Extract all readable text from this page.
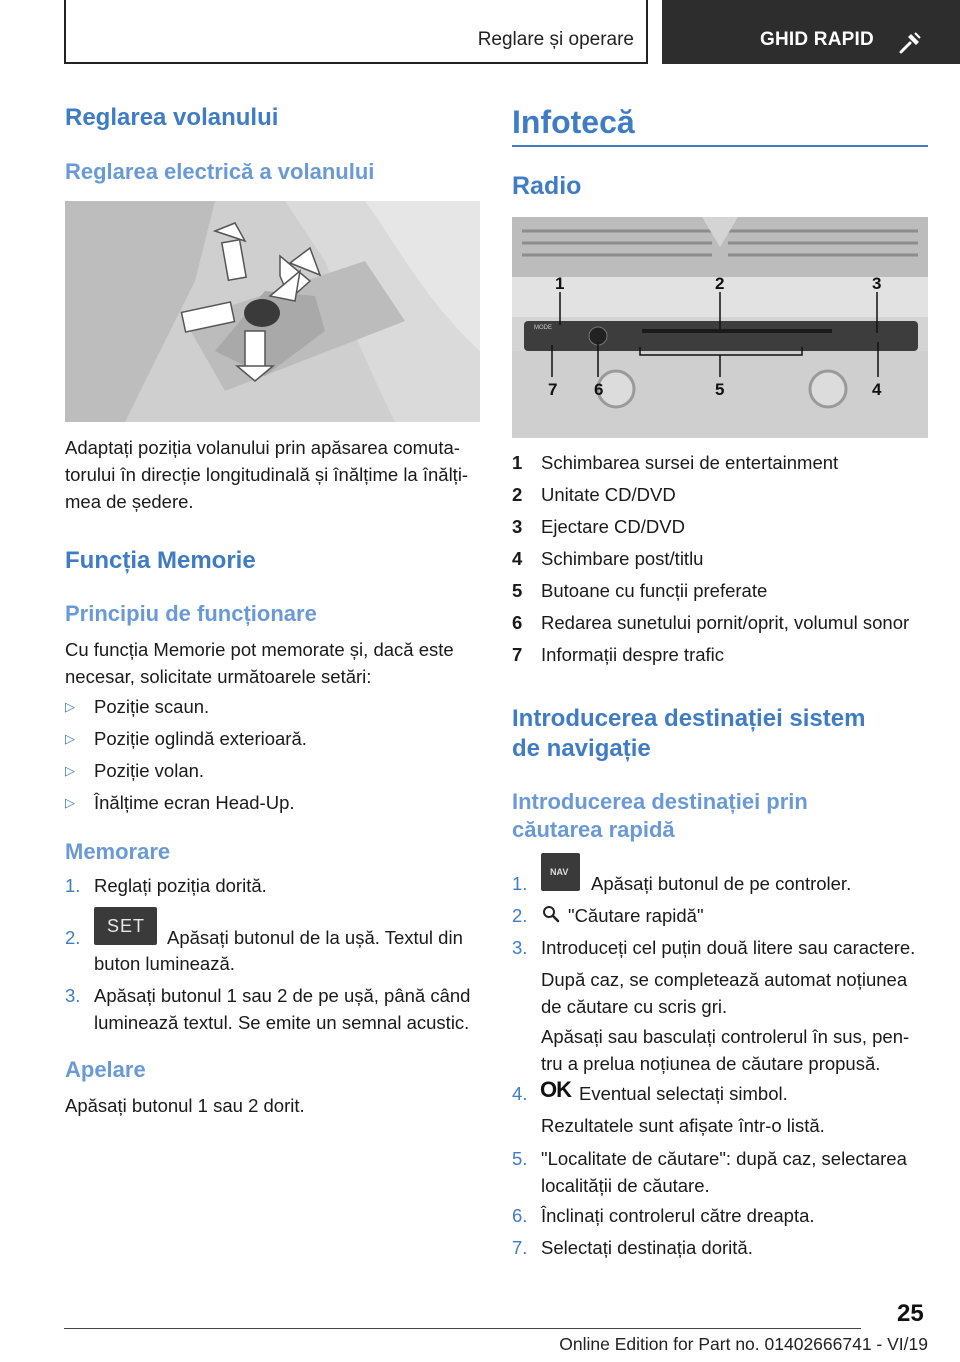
Reglare și operare	GHID RAPID
Reglarea volanului
Reglarea electrică a volanului
Adaptați poziția volanului prin apăsarea comuta-
torului în direcție longitudinală și înălțime la înălți-
mea de ședere.
Funcția Memorie
Principiu de funcționare
Cu funcția Memorie pot memorate și, dacă este
necesar, solicitate următoarele setări:
▷ Poziție scaun.
▷ Poziție oglindă exterioară.
▷ Poziție volan.
▷ Înălțime ecran Head-Up.
Memorare
1. Reglați poziția dorită.
2.
SET
Apăsați butonul de la ușă. Textul din
buton luminează.
3. Apăsați butonul 1 sau 2 de pe ușă, până când
luminează textul. Se emite un semnal acustic.
Apelare
Apăsați butonul 1 sau 2 dorit.
Infotecă
Radio
MODE
1	2	3
7 6	5	4
1 Schimbarea sursei de entertainment
2 Unitate CD/DVD
3 Ejectare CD/DVD
4 Schimbare post/titlu
5 Butoane cu funcții preferate
6 Redarea sunetului pornit/oprit, volumul sonor
7 Informații despre trafic
Introducerea destinației sistem
de navigație
Introducerea destinației prin
căutarea rapidă
1.
NAV
Apăsați butonul de pe controler.
2. "Căutare rapidă"
3. Introduceți cel puțin două litere sau caractere.
După caz, se completează automat noțiunea
de căutare cu scris gri.
Apăsați sau basculați controlerul în sus, pen-
tru a prelua noțiunea de căutare propusă.
4. OK Eventual selectați simbol.
Rezultatele sunt afișate într-o listă.
5. "Localitate de căutare": după caz, selectarea
localității de căutare.
6. Înclinați controlerul către dreapta.
7. Selectați destinația dorită.
25
Online Edition for Part no. 01402666741 - VI/19
